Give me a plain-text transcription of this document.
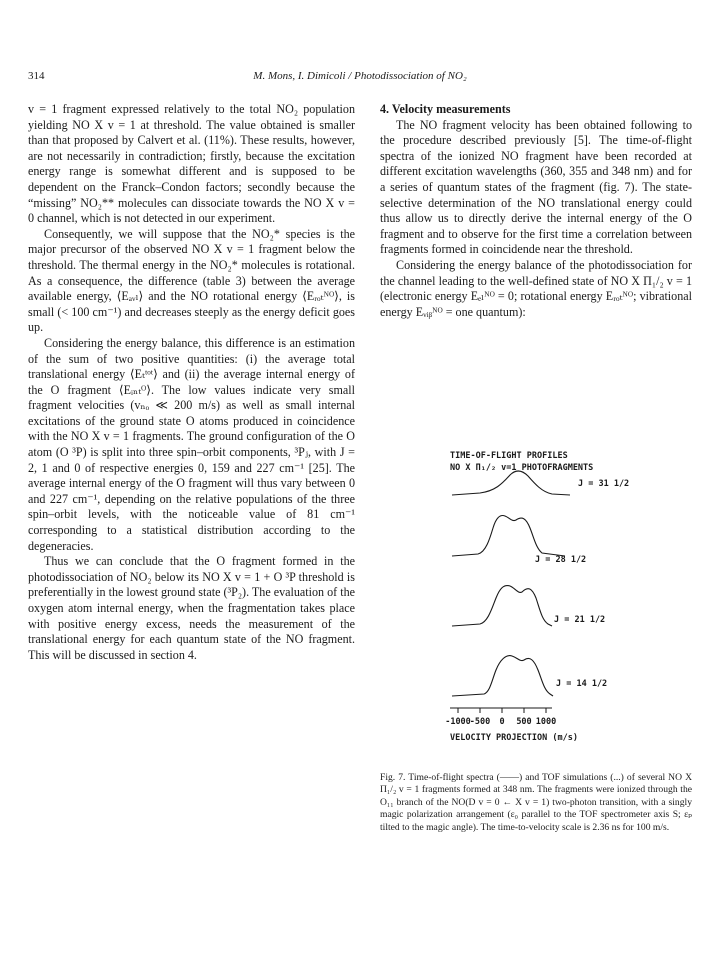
314	M. Mons, I. Dimicoli / Photodissociation of NO₂

v = 1 fragment expressed relatively to the total NO₂ population yielding NO X v = 1 at threshold. The value obtained is smaller than that proposed by Calvert et al. (11%). These results, however, are not necessarily in contradiction; firstly, because the excitation energy range is somewhat different and is supposed to be dependent on the Franck–Condon factors; secondly because the “missing” NO₂** molecules can dissociate towards the NO X v = 0 channel, which is not detected in our experiment.

Consequently, we will suppose that the NO₂* species is the major precursor of the observed NO X v = 1 fragment below the threshold. The thermal energy in the NO₂* molecules is rotational. As a consequence, the difference (table 3) between the average available energy, ⟨Eₐᵥₗ⟩ and the NO rotational energy ⟨Eᵣₒₜᴺᴼ⟩, is small (< 100 cm⁻¹) and decreases steeply as the energy deficit goes up.

Considering the energy balance, this difference is an estimation of the sum of two positive quantities: (i) the average total translational energy ⟨Eₜᵗᵒᵗ⟩ and (ii) the average internal energy of the O fragment ⟨Eᵢₙₜᴼ⟩. The low values indicate very small fragment velocities (vₙₒ ≪ 200 m/s) as well as small internal excitations of the ground state O atoms produced in coincidence with the NO X v = 1 fragments. The ground configuration of the O atom (O ³P) is split into three spin–orbit components, ³Pⱼ, with J = 2, 1 and 0 of respective energies 0, 159 and 227 cm⁻¹ [25]. The average internal energy of the O fragment will thus vary between 0 and 227 cm⁻¹, depending on the relative populations of the three spin–orbit levels, with the noticeable value of 81 cm⁻¹ corresponding to a statistical distribution according to the degeneracies.

Thus we can conclude that the O fragment formed in the photodissociation of NO₂ below its NO X v = 1 + O ³P threshold is preferentially in the lowest ground state (³P₂). The evaluation of the oxygen atom internal energy, when the fragmentation takes place with positive energy excess, needs the measurement of the translational energy for each quantum state of the NO fragment. This will be discussed in section 4.

4. Velocity measurements

The NO fragment velocity has been obtained following to the procedure described previously [5]. The time-of-flight spectra of the ionized NO fragment have been recorded at different excitation wavelengths (360, 355 and 348 nm) and for a series of quantum states of the fragment (fig. 7). The state-selective determination of the NO translational energy could thus allow us to directly derive the internal energy of the O fragment and to observe for the first time a correlation between fragments formed in coincidende near the threshold.

Considering the energy balance of the photodissociation for the channel leading to the well-defined state of NO X Π₁/₂ v = 1 (electronic energy Eₑₗᴺᴼ = 0; rotational energy Eᵣₒₜᴺᴼ; vibrational energy Eᵥᵢᵦᴺᴼ = one quantum):

TIME-OF-FLIGHT PROFILES
NO X Π₁/₂ v=1 PHOTOFRAGMENTS
J = 31 1/2
J = 28 1/2
J = 21 1/2
J = 14 1/2
-1000
-500 0 500 1000
VELOCITY PROJECTION (m/s)

Fig. 7. Time-of-flight spectra (——) and TOF simulations (...) of several NO X Π₁/₂ v = 1 fragments formed at 348 nm. The fragments were ionized through the O₁₁ branch of the NO(D v = 0 ← X v = 1) two-photon transition, with a singly magic polarization arrangement (ε₀ parallel to the TOF spectrometer axis S; εₚ tilted to the magic angle). The time-to-velocity scale is 2.36 ns for 100 m/s.
